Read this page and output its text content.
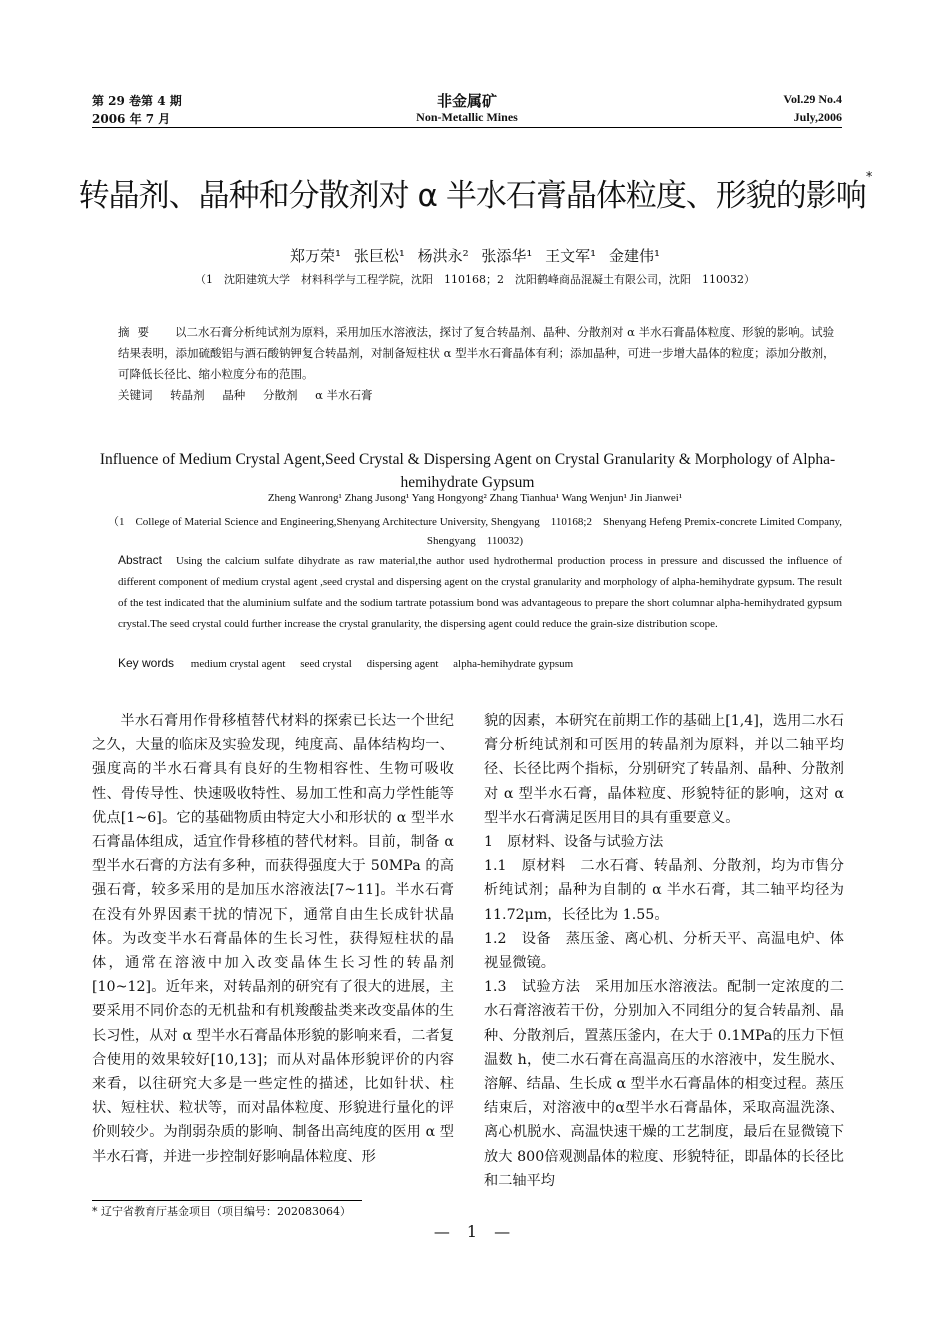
第 29 卷第 4 期
2006 年 7 月
非金属矿
Non-Metallic Mines
Vol.29 No.4
July,2006
转晶剂、晶种和分散剂对 α 半水石膏晶体粒度、形貌的影响*
郑万荣¹ 张巨松¹ 杨洪永² 张添华¹ 王文军¹ 金建伟¹
（1　沈阳建筑大学　材料科学与工程学院，沈阳　110168；2　沈阳鹤峰商品混凝土有限公司，沈阳　110032）
摘要 以二水石膏分析纯试剂为原料，采用加压水溶液法，探讨了复合转晶剂、晶种、分散剂对 α 半水石膏晶体粒度、形貌的影响。试验结果表明，添加硫酸铝与酒石酸钠钾复合转晶剂，对制备短柱状 α 型半水石膏晶体有利；添加晶种，可进一步增大晶体的粒度；添加分散剂，可降低长径比、缩小粒度分布的范围。
关键词 转晶剂 晶种 分散剂 α 半水石膏
Influence of Medium Crystal Agent,Seed Crystal & Dispersing Agent on Crystal Granularity & Morphology of Alpha-hemihydrate Gypsum
Zheng Wanrong¹ Zhang Jusong¹ Yang Hongyong² Zhang Tianhua¹ Wang Wenjun¹ Jin Jianwei¹
（1　College of Material Science and Engineering,Shenyang Architecture University, Shengyang　110168;2　Shenyang Hefeng Premix-concrete Limited Company, Shengyang　110032)
Abstract Using the calcium sulfate dihydrate as raw material,the author used hydrothermal production process in pressure and discussed the influence of different component of medium crystal agent ,seed crystal and dispersing agent on the crystal granularity and morphology of alpha-hemihydrate gypsum. The result of the test indicated that the aluminium sulfate and the sodium tartrate potassium bond was advantageous to prepare the short columnar alpha-hemihydrated gypsum crystal.The seed crystal could further increase the crystal granularity, the dispersing agent could reduce the grain-size distribution scope.
Key words medium crystal agent seed crystal dispersing agent alpha-hemihydrate gypsum

半水石膏用作骨移植替代材料的探索已长达一个世纪之久，大量的临床及实验发现，纯度高、晶体结构均一、强度高的半水石膏具有良好的生物相容性、生物可吸收性、骨传导性、快速吸收特性、易加工性和高力学性能等优点[1~6]。它的基础物质由特定大小和形状的 α 型半水石膏晶体组成，适宜作骨移植的替代材料。目前，制备 α 型半水石膏的方法有多种，而获得强度大于 50MPa 的高强石膏，较多采用的是加压水溶液法[7~11]。半水石膏在没有外界因素干扰的情况下，通常自由生长成针状晶体。为改变半水石膏晶体的生长习性，获得短柱状的晶体，通常在溶液中加入改变晶体生长习性的转晶剂[10~12]。近年来，对转晶剂的研究有了很大的进展，主要采用不同价态的无机盐和有机羧酸盐类来改变晶体的生长习性，从对 α 型半水石膏晶体形貌的影响来看，二者复合使用的效果较好[10,13]；而从对晶体形貌评价的内容来看，以往研究大多是一些定性的描述，比如针状、柱状、短柱状、粒状等，而对晶体粒度、形貌进行量化的评价则较少。为削弱杂质的影响、制备出高纯度的医用 α 型半水石膏，并进一步控制好影响晶体粒度、形

貌的因素，本研究在前期工作的基础上[1,4]，选用二水石膏分析纯试剂和可医用的转晶剂为原料，并以二轴平均径、长径比两个指标，分别研究了转晶剂、晶种、分散剂对 α 型半水石膏，晶体粒度、形貌特征的影响，这对 α 型半水石膏满足医用目的具有重要意义。

1　原材料、设备与试验方法

1.1　原材料　二水石膏、转晶剂、分散剂，均为市售分析纯试剂；晶种为自制的 α 半水石膏，其二轴平均径为 11.72μm，长径比为 1.55。

1.2　设备　蒸压釜、离心机、分析天平、高温电炉、体视显微镜。

1.3　试验方法　采用加压水溶液法。配制一定浓度的二水石膏溶液若干份，分别加入不同组分的复合转晶剂、晶种、分散剂后，置蒸压釜内，在大于 0.1MPa的压力下恒温数 h，使二水石膏在高温高压的水溶液中，发生脱水、溶解、结晶、生长成 α 型半水石膏晶体的相变过程。蒸压结束后，对溶液中的α型半水石膏晶体，采取高温洗涤、离心机脱水、高温快速干燥的工艺制度，最后在显微镜下放大 800倍观测晶体的粒度、形貌特征，即晶体的长径比和二轴平均

* 辽宁省教育厅基金项目（项目编号：202083064）
— 1 —
